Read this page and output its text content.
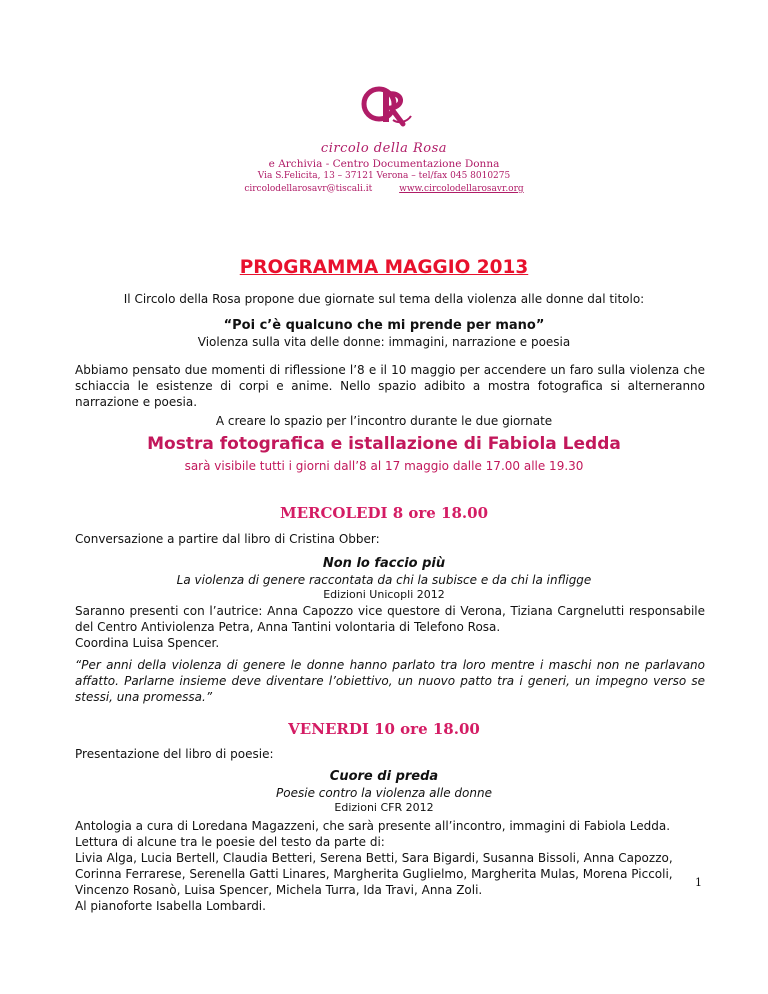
circolo della Rosa
e Archivia - Centro Documentazione Donna
Via S.Felicita, 13 – 37121 Verona – tel/fax 045 8010275
circolodellarosavr@tiscali.it	www.circolodellarosavr.org
PROGRAMMA MAGGIO 2013
Il Circolo della Rosa propone due giornate sul tema della violenza alle donne dal titolo:
“Poi c’è qualcuno che mi prende per mano”
Violenza sulla vita delle donne: immagini, narrazione e poesia
Abbiamo pensato due momenti di riflessione l’8 e il 10 maggio per accendere un faro sulla violenza che schiaccia le esistenze di corpi e anime. Nello spazio adibito a mostra fotografica si alterneranno narrazione e poesia.
A creare lo spazio per l’incontro durante le due giornate
Mostra fotografica e istallazione di Fabiola Ledda
sarà visibile tutti i giorni dall’8 al 17 maggio dalle 17.00 alle 19.30
MERCOLEDI 8 ore 18.00
Conversazione a partire dal libro di Cristina Obber:
Non lo faccio più
La violenza di genere raccontata da chi la subisce e da chi la infligge
Edizioni Unicopli 2012
Saranno presenti con l’autrice: Anna Capozzo vice questore di Verona, Tiziana Cargnelutti responsabile del Centro Antiviolenza Petra, Anna Tantini volontaria di Telefono Rosa.
Coordina Luisa Spencer.
“Per anni della violenza di genere le donne hanno parlato tra loro mentre i maschi non ne parlavano affatto. Parlarne insieme deve diventare l’obiettivo, un nuovo patto tra i generi, un impegno verso se stessi, una promessa.”
VENERDI 10 ore 18.00
Presentazione del libro di poesie:
Cuore di preda
Poesie contro la violenza alle donne
Edizioni CFR 2012
Antologia a cura di Loredana Magazzeni, che sarà presente all’incontro, immagini di Fabiola Ledda. Lettura di alcune tra le poesie del testo da parte di:
Livia Alga, Lucia Bertell, Claudia Betteri, Serena Betti, Sara Bigardi, Susanna Bissoli, Anna Capozzo, Corinna Ferrarese, Serenella Gatti Linares, Margherita Guglielmo, Margherita Mulas, Morena Piccoli, Vincenzo Rosanò, Luisa Spencer, Michela Turra, Ida Travi, Anna Zoli.
Al pianoforte Isabella Lombardi.
1
